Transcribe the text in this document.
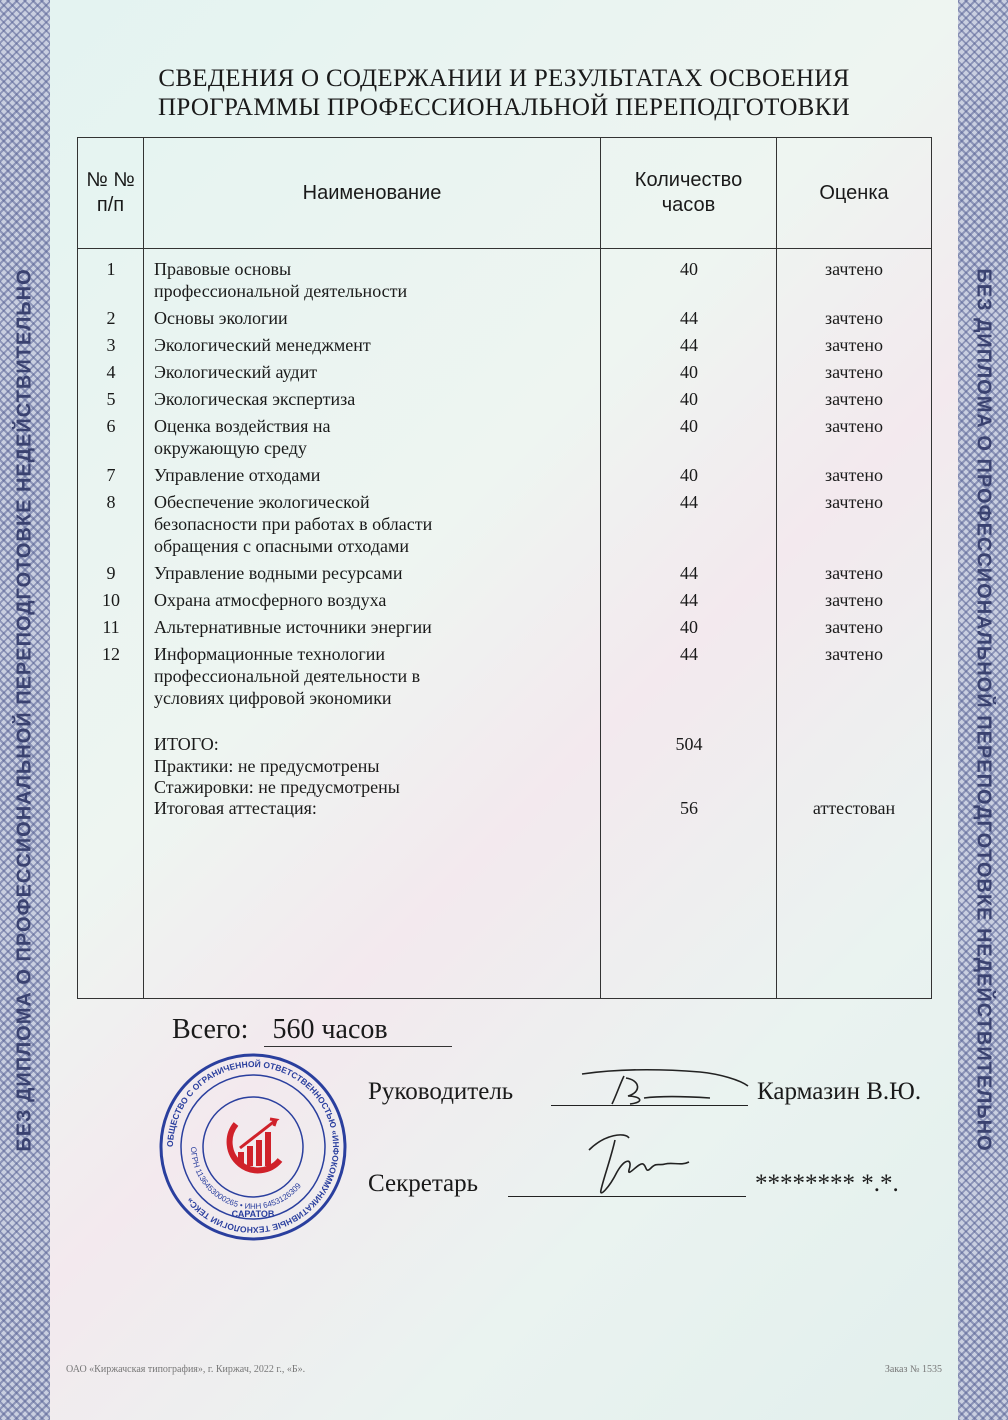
БЕЗ ДИПЛОМА О ПРОФЕССИОНАЛЬНОЙ ПЕРЕПОДГОТОВКЕ НЕДЕЙСТВИТЕЛЬНО	БЕЗ ДИПЛОМА О ПРОФЕССИОНАЛЬНОЙ ПЕРЕПОДГОТОВКЕ НЕДЕЙСТВИТЕЛЬНО
СВЕДЕНИЯ О СОДЕРЖАНИИ И РЕЗУЛЬТАТАХ ОСВОЕНИЯ
ПРОГРАММЫ ПРОФЕССИОНАЛЬНОЙ ПЕРЕПОДГОТОВКИ
№ №
п/п
Наименование
Количество
часов
Оценка
1	Правовые основы
профессиональной деятельности
40	зачтено
2	Основы экологии	44	зачтено
3	Экологический менеджмент	44	зачтено
4	Экологический аудит	40	зачтено
5	Экологическая экспертиза	40	зачтено
6	Оценка воздействия на
окружающую среду
40	зачтено
7	Управление отходами	40	зачтено
8	Обеспечение экологической
безопасности при работах в области
обращения с опасными отходами
44	зачтено
9	Управление водными ресурсами	44	зачтено
10	Охрана атмосферного воздуха	44	зачтено
11	Альтернативные источники энергии	40	зачтено
12	Информационные технологии
профессиональной деятельности в
условиях цифровой экономики
44	зачтено
ИТОГО:	504
Практики: не предусмотрены
Стажировки: не предусмотрены
Итоговая аттестация:	56	аттестован
Всего: 560 часов
ОБЩЕСТВО С ОГРАНИЧЕННОЙ ОТВЕТСТВЕННОСТЬЮ «ИНФОКОММУНИКАТИВНЫЕ ТЕХНОЛОГИИ ТЕКС»
ОГРН 1136453000265 • ИНН 6453126309
САРАТОВ
Руководитель	Кармазин В.Ю.
Секретарь	******** *.*.
ОАО «Киржачская типография», г. Киржач, 2022 г., «Б».	Заказ № 1535
